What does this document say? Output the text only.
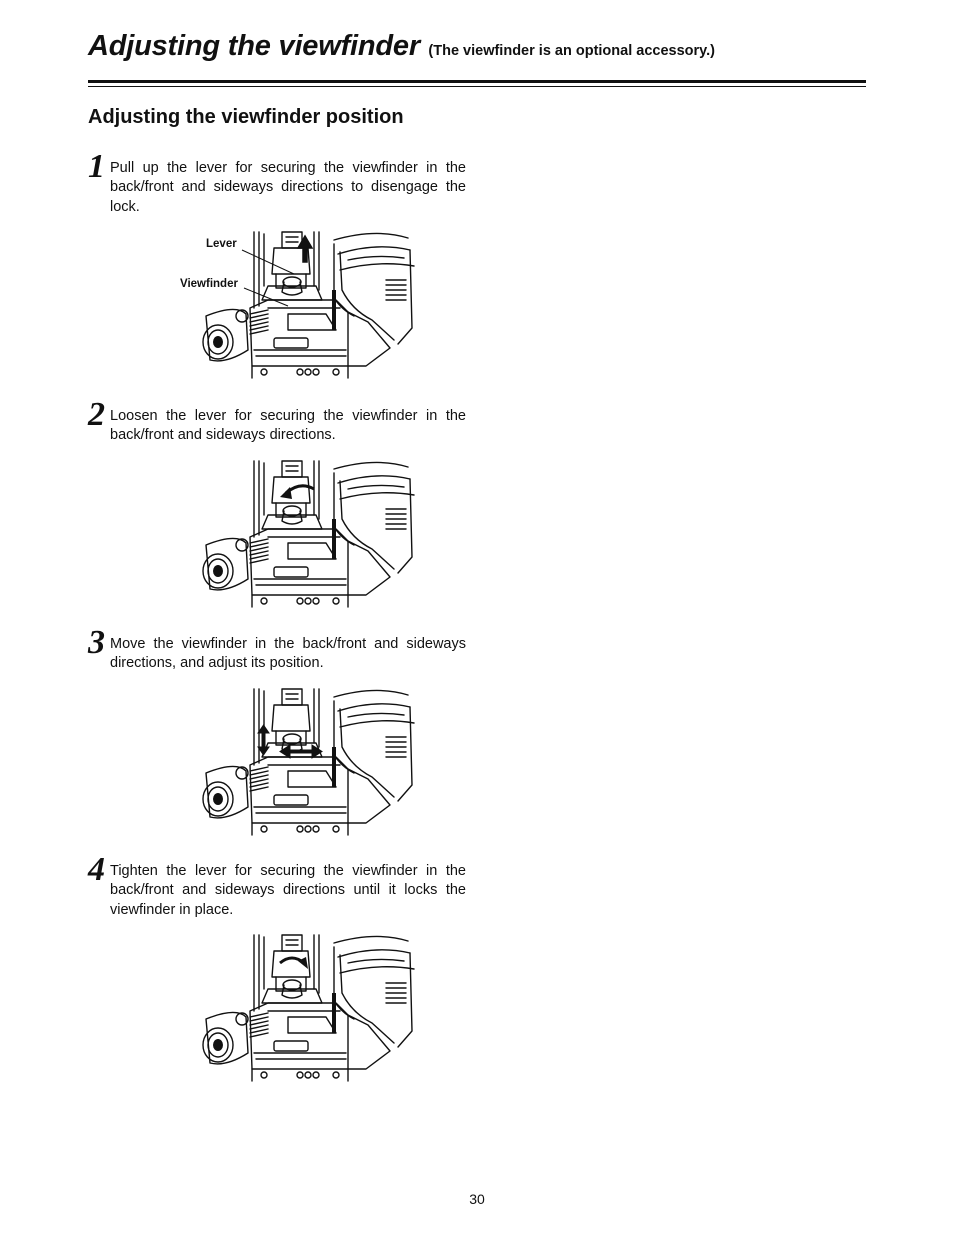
Adjusting the viewfinder (The viewfinder is an optional accessory.)
Adjusting the viewfinder position
1 Pull up the lever for securing the viewfinder in the back/front and sideways directions to disengage the lock.
Lever
Viewfinder
2 Loosen the lever for securing the viewfinder in the back/front and sideways directions.
3 Move the viewfinder in the back/front and sideways directions, and adjust its position.
4 Tighten the lever for securing the viewfinder in the back/front and sideways directions until it locks the viewfinder in place.
30
